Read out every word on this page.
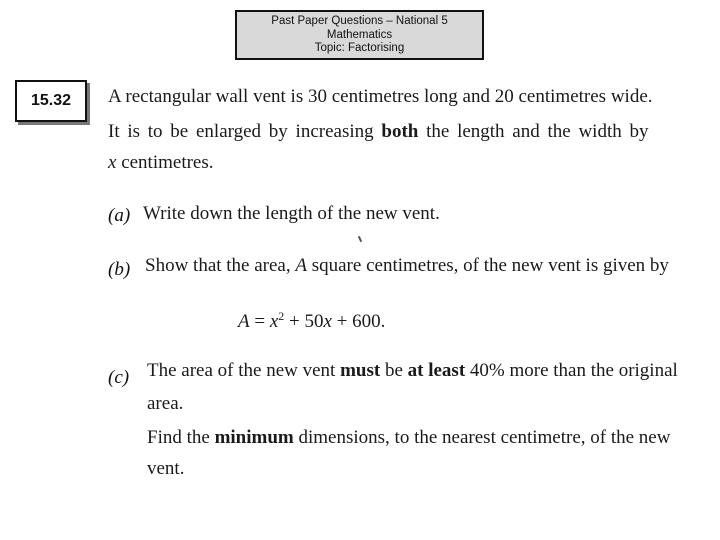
Past Paper Questions – National 5
Mathematics
Topic: Factorising
15.32 A rectangular wall vent is 30 centimetres long and 20 centimetres wide.
It is to be enlarged by increasing both the length and the width by
x centimetres.
(a) Write down the length of the new vent.
(b) Show that the area, A square centimetres, of the new vent is given by
$A = x^2 + 50x + 600$.
(c) The area of the new vent must be at least 40% more than the original
area.
Find the minimum dimensions, to the nearest centimetre, of the new
vent.
